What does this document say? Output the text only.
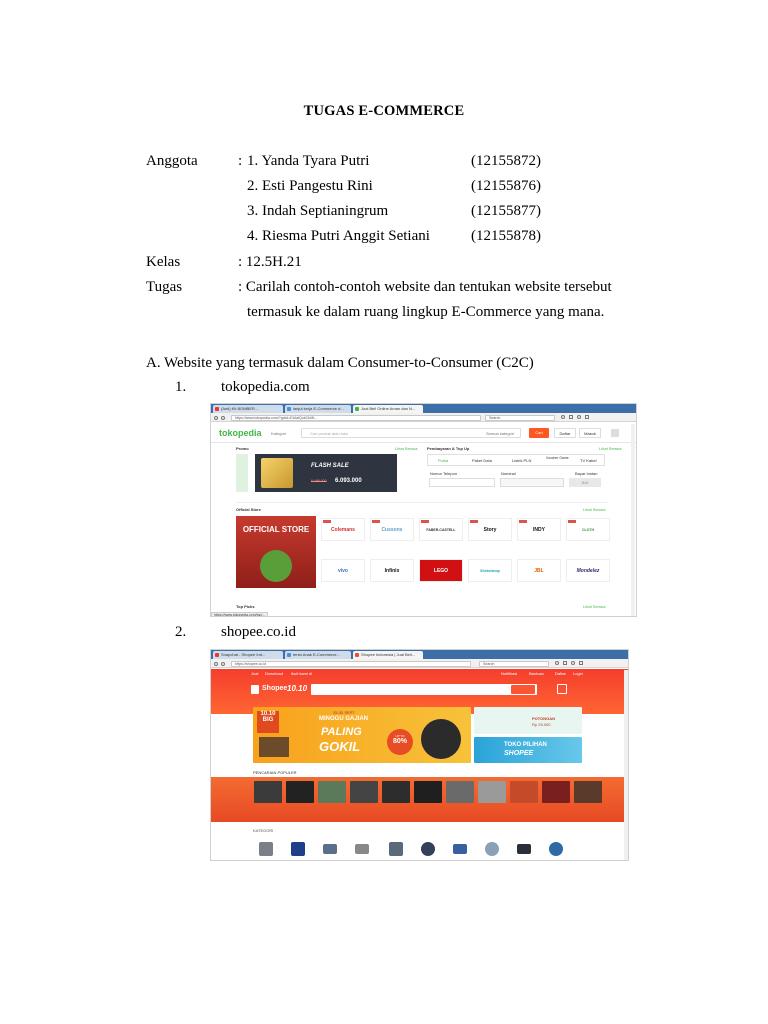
TUGAS E-COMMERCE
Anggota	: 1. Yanda Tyara Putri	(12155872)
2. Esti Pangestu Rini	(12155876)
3. Indah Septianingrum	(12155877)
4. Riesma Putri Anggit Setiani	(12155878)
Kelas	: 12.5H.21
Tugas	: Carilah contoh-contoh website dan tentukan website tersebut
termasuk ke dalam ruang lingkup E-Commerce yang mana.
A. Website yang termasuk dalam Consumer-to-Consumer (C2C)
1. tokopedia.com
(Anti) Kit BOMBER...	lanjut kerja E-Commerce d...	Jual Beli Online Aman dan N...
https://www.tokopedia.com/?gclid=EAIaIQobChMI...	Search
tokopedia Kategori	Cari produk atau toko	Semua kategori	Cari	Daftar	Masuk
Promo	Lihat Semua
FLASH SALE
6.499.000 6.093.000
Pembayaran & Top Up	Lihat Semua
Pulsa	Paket Data	Listrik PLN	Voucher Game	TV Kabel
Nomor Telepon	Nominal	Bayar Instan
Beli
Official Store	Lihat Semua
OFFICIAL STORE	Colemans	Cussons	FABER-CASTELL	Story	INDY	CLOTH
vivo	Infinix	LEGO	Shekelshop	JBL	Mondelez
Top Picks	Lihat Semua
https://www.tokopedia.com/top/...
2. shopee.co.id
Snapchat - Shopee Ind...	tentu Anak E-Commerce...	Shopee Indonesia | Jual Beli...
https://shopee.co.id	Search
Jual Download Ikuti kami di	Notifikasi	Bantuan	Daftar Login
Shopee 10.10
10.10
BIG
25-30 SEPT
MINGGU GAJIAN
PALING
GOKIL
UP TO
80%
POTONGAN
Rp 25.000
TOKO PILIHAN
SHOPEE
PENCARIAN POPULER
KATEGORI
